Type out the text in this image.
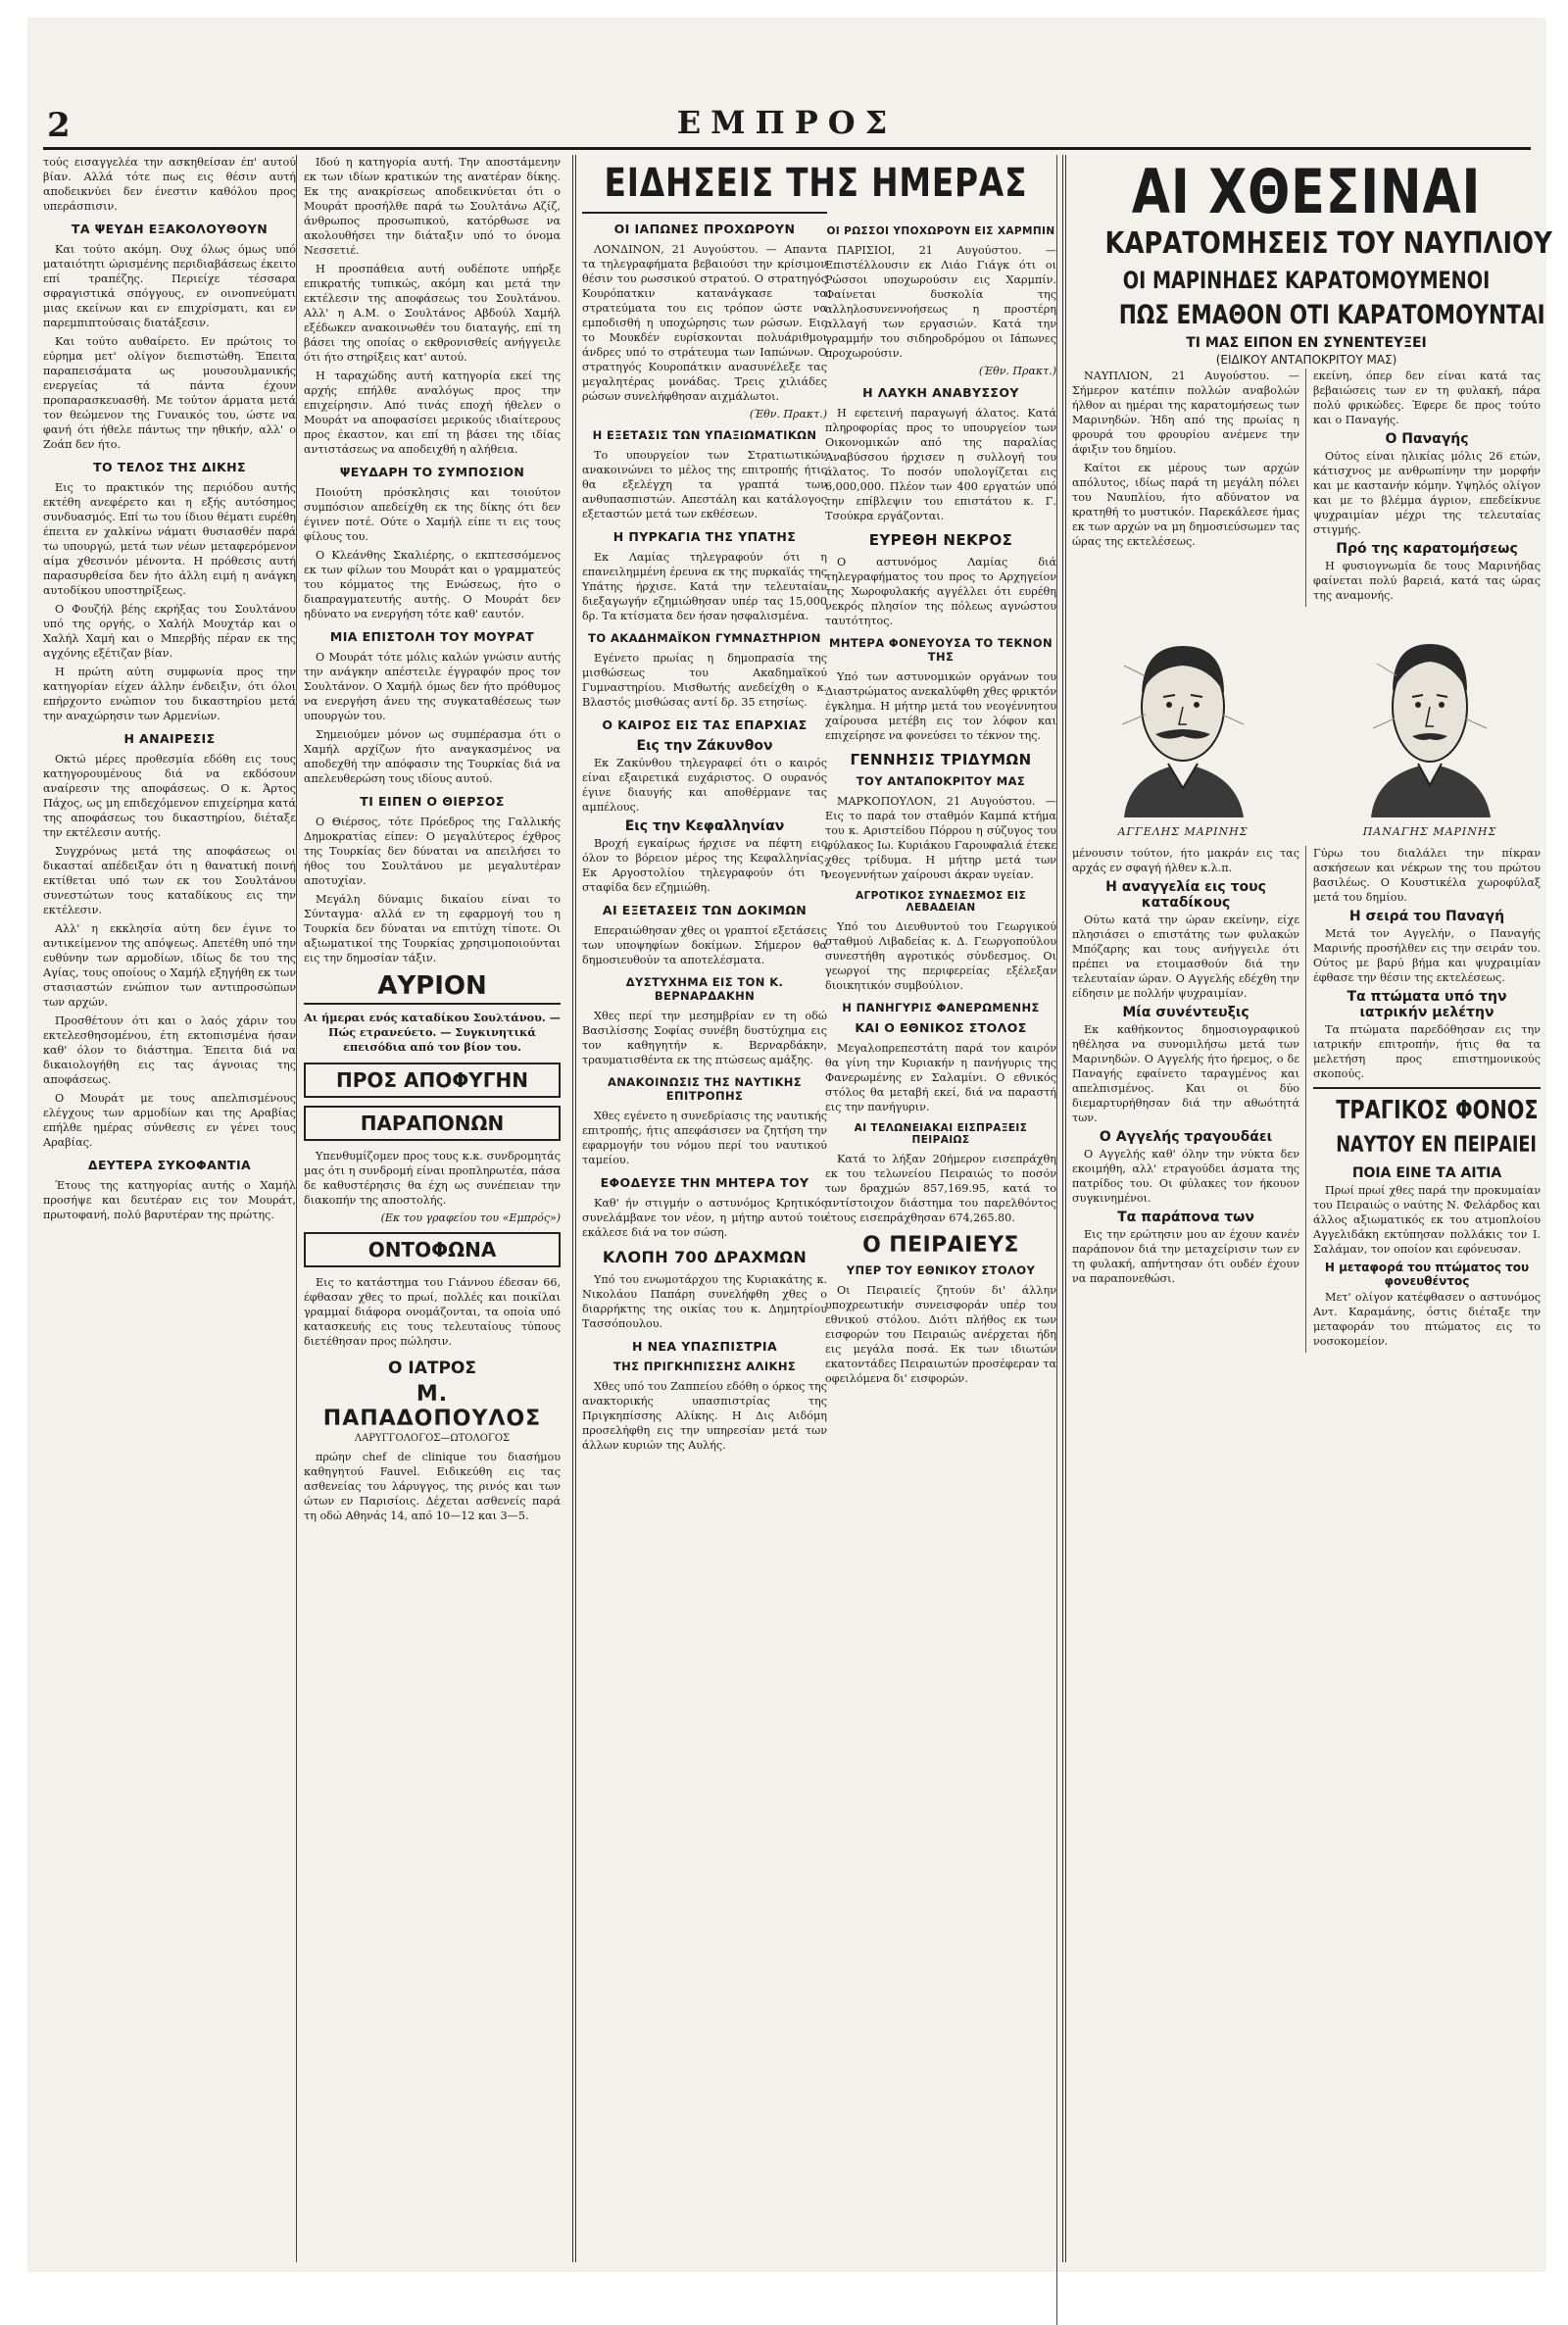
2	ΕΜΠΡΟΣ

τούς εισαγγελέα την ασκηθείσαν έπ' αυτού βίαν. Αλλά τότε πως εις θέσιν αυτή αποδεικνύει δεν ένεστιν καθόλου προς υπεράσπισιν.

ΤΑ ΨΕΥΔΗ ΕΞΑΚΟΛΟΥΘΟΥΝ

Και τούτο ακόμη. Ουχ όλως όμως υπό ματαιότητι ώρισμένης περιδιαβάσεως έκειτο επί τραπέζης. Περιείχε τέσσαρα σφραγιστικά σπόγγους, εν οινοπνεύματι μιας εκείνων και εν επιχρίσματι, και εν παρεμπιπτούσαις διατάξεσιν.

Και τούτο αυθαίρετο. Εν πρώτοις το εύρημα μετ' ολίγον διεπιστώθη. Έπειτα παραπεισάματα ως μουσουλμανικής ενεργείας τά πάντα έχουν προπαρασκευασθή. Με τούτον άρματα μετά τον θεώμενον της Γυναικός του, ώστε να φανή ότι ήθελε πάντως την ηθικήν, αλλ' ο Ζοάπ δεν ήτο.

ΤΟ ΤΕΛΟΣ ΤΗΣ ΔΙΚΗΣ

Εις το πρακτικόν της περιόδου αυτής εκτέθη ανεφέρετο και η εξής αυτόσημος συνδυασμός. Επί τω του ίδιου θέματι ευρέθη έπειτα εν χαλκίνω νάματι θυσιασθέν παρά τω υπουργώ, μετά των νέων μεταφερόμενον αίμα χθεσινόν μένοντα. Η πρόθεσις αυτή παρασυρθείσα δεν ήτο άλλη ειμή η ανάγκη αυτοδίκου υποστηρίξεως.

Ο Φουζήλ βέης εκρήξας του Σουλτάνου υπό της οργής, ο Χαλήλ Μουχτάρ και ο Χαλήλ Χαμή και ο Μπερβής πέραν εκ της αγχόνης εξέτιζαν βίαν.

Η πρώτη αύτη συμφωνία προς την κατηγορίαν είχεν άλλην ένδειξιν, ότι όλοι επήρχοντο ενώπιον του δικαστηρίου μετά την αναχώρησιν των Αρμενίων.

Η ΑΝΑΙΡΕΣΙΣ

Οκτώ μέρες προθεσμία εδόθη εις τους κατηγορουμένους διά να εκδόσουν αναίρεσιν της αποφάσεως. Ο κ. Άρτος Πάχος, ως μη επιδεχόμενον επιχείρημα κατά της αποφάσεως του δικαστηρίου, διέταξε την εκτέλεσιν αυτής.

Συγχρόνως μετά της αποφάσεως οι δικασταί απέδειξαν ότι η θανατική ποινή εκτίθεται υπό των εκ του Σουλτάνου συνεστώτων τους καταδίκους εις την εκτέλεσιν.

Αλλ' η εκκλησία αύτη δεν έγινε το αντικείμενον της απόψεως. Απετέθη υπό την ευθύνην των αρμοδίων, ιδίως δε του της Αγίας, τους οποίους ο Χαμήλ εξηγήθη εκ των στασιαστών ενώπιον των αντιπροσώπων των αρχών.

Προσθέτουν ότι και ο λαός χάριν του εκτελεσθησομένου, έτη εκτοπισμένα ήσαν καθ' όλον το διάστημα. Έπειτα διά να δικαιολογήθη εις τας άγνοιας της αποφάσεως.

Ο Μουράτ με τους απελπισμένους ελέγχους των αρμοδίων και της Αραβίας επήλθε ημέρας σύνθεσις εν γένει τους Αραβίας.

ΔΕΥΤΕΡΑ ΣΥΚΟΦΑΝΤΙΑ

Έτους της κατηγορίας αυτής ο Χαμήλ προσήψε και δευτέραν εις τον Μουράτ, πρωτοφανή, πολύ βαρυτέραν της πρώτης.

Ιδού η κατηγορία αυτή. Την αποστάμενην εκ των ιδίων κρατικών της ανατέραν δίκης. Εκ της ανακρίσεως αποδεικνύεται ότι ο Μουράτ προσήλθε παρά τω Σουλτάνω Αζίζ, άνθρωπος προσωπικού, κατόρθωσε να ακολουθήσει την διάταξιν υπό το όνομα Νεσσετιέ.

Η προσπάθεια αυτή ουδέποτε υπήρξε επικρατής τυπικώς, ακόμη και μετά την εκτέλεσιν της αποφάσεως του Σουλτάνου. Αλλ' η Α.Μ. ο Σουλτάνος Αβδούλ Χαμήλ εξέδωκεν ανακοινωθέν του διαταγής, επί τη βάσει της οποίας ο εκθρονισθείς ανήγγειλε ότι ήτο στηρίξεις κατ' αυτού.

Η ταραχώδης αυτή κατηγορία εκεί της αρχής επήλθε αναλόγως προς την επιχείρησιν. Από τινάς εποχή ήθελεν ο Μουράτ να αποφασίσει μερικούς ιδιαίτερους προς έκαστον, και επί τη βάσει της ιδίας αντιστάσεως να αποδειχθή η αλήθεια.

ΨΕΥΔΑΡΗ ΤΟ ΣΥΜΠΟΣΙΟΝ

Ποιούτη πρόσκλησις και τοιούτον συμπόσιον απεδείχθη εκ της δίκης ότι δεν έγινεν ποτέ. Ούτε ο Χαμήλ είπε τι εις τους φίλους του.

Ο Κλεάνθης Σκαλιέρης, ο εκπτεσσόμενος εκ των φίλων του Μουράτ και ο γραμματεύς του κόμματος της Ενώσεως, ήτο ο διαπραγματευτής αυτής. Ο Μουράτ δεν ηδύνατο να ενεργήση τότε καθ' εαυτόν.

ΜΙΑ ΕΠΙΣΤΟΛΗ ΤΟΥ ΜΟΥΡΑΤ

Ο Μουράτ τότε μόλις καλών γνώσιν αυτής την ανάγκην απέστειλε έγγραφόν προς τον Σουλτάνον. Ο Χαμήλ όμως δεν ήτο πρόθυμος να ενεργήση άνευ της συγκαταθέσεως των υπουργών του.

Σημειούμεν μόνον ως συμπέρασμα ότι ο Χαμήλ αρχίζων ήτο αναγκασμένος να αποδεχθή την απόφασιν της Τουρκίας διά να απελευθερώση τους ιδίους αυτού.

ΤΙ ΕΙΠΕΝ Ο ΘΙΕΡΣΟΣ

Ο Θιέρσος, τότε Πρόεδρος της Γαλλικής Δημοκρατίας είπεν: Ο μεγαλύτερος έχθρος της Τουρκίας δεν δύναται να απειλήσει το ήθος του Σουλτάνου με μεγαλυτέραν αποτυχίαν.

Μεγάλη δύναμις δικαίου είναι το Σύνταγμα· αλλά εν τη εφαρμογή του η Τουρκία δεν δύναται να επιτύχη τίποτε. Οι αξιωματικοί της Τουρκίας χρησιμοποιούνται εις την δημοσίαν τάξιν.

ΑΥΡΙΟΝ

Αι ήμεραι ενός καταδίκου Σουλτάνου. — Πώς ετρανεύετο. — Συγκινητικά επεισόδια από τον βίον του.

ΠΡΟΣ ΑΠΟΦΥΓΗΝ
ΠΑΡΑΠΟΝΩΝ

Υπενθυμίζομεν προς τους κ.κ. συνδρομητάς μας ότι η συνδρομή είναι προπληρωτέα, πάσα δε καθυστέρησις θα έχη ως συνέπειαν την διακοπήν της αποστολής.

(Εκ του γραφείου του «Εμπρός»)
ΟΝΤΟΦΩΝΑ

Εις το κατάστημα του Γιάννου έδεσαν 66, έφθασαν χθες το πρωί, πολλές και ποικίλαι γραμμαί διάφορα ονομάζονται, τα οποία υπό κατασκευής εις τους τελευταίους τύπους διετέθησαν προς πώλησιν.

Ο ΙΑΤΡΟΣ
Μ. ΠΑΠΑΔΟΠΟΥΛΟΣ
ΛΑΡΥΓΓΟΛΟΓΟΣ—ΩΤΟΛΟΓΟΣ

πρώην chef de clinique του διασήμου καθηγητού Fauvel. Ειδικεύθη εις τας ασθενείας του λάρυγγος, της ρινός και των ώτων εν Παρισίοις. Δέχεται ασθενείς παρά τη οδώ Αθηνάς 14, από 10—12 και 3—5.

ΕΙΔΗΣΕΙΣ ΤΗΣ ΗΜΕΡΑΣ
ΟΙ ΙΑΠΩΝΕΣ ΠΡΟΧΩΡΟΥΝ

ΛΟΝΔΙΝΟΝ, 21 Αυγούστου. — Απαντα τα τηλεγραφήματα βεβαιούσι την κρίσιμον θέσιν του ρωσσικού στρατού. Ο στρατηγός Κουρόπατκιν κατανάγκασε τα στρατεύματα του εις τρόπον ώστε να εμποδισθή η υποχώρησις των ρώσων. Εις το Μουκδέν ευρίσκονται πολυάριθμοι άνδρες υπό το στράτευμα των Ιαπώνων. Ο στρατηγός Κουροπάτκιν ανασυνέλεξε τας μεγαλητέρας μονάδας. Τρεις χιλιάδες ρώσων συνελήφθησαν αιχμάλωτοι.

(Έθν. Πρακτ.)
Η ΕΞΕΤΑΣΙΣ ΤΩΝ ΥΠΑΞΙΩΜΑΤΙΚΩΝ

Το υπουργείον των Στρατιωτικών ανακοινώνει το μέλος της επιτροπής ήτις θα εξελέγχη τα γραπτά των ανθυπασπιστών. Απεστάλη και κατάλογος εξεταστών μετά των εκθέσεων.

Η ΠΥΡΚΑΓΙΑ ΤΗΣ ΥΠΑΤΗΣ

Εκ Λαμίας τηλεγραφούν ότι η επανειλημμένη έρευνα εκ της πυρκαϊάς της Υπάτης ήρχισε. Κατά την τελευταίαν διεξαγωγήν εζημιώθησαν υπέρ τας 15,000 δρ. Τα κτίσματα δεν ήσαν ησφαλισμένα.

ΤΟ ΑΚΑΔΗΜΑΪΚΟΝ ΓΥΜΝΑΣΤΗΡΙΟΝ

Εγένετο πρωίας η δημοπρασία της μισθώσεως του Ακαδημαϊκού Γυμναστηρίου. Μισθωτής ανεδείχθη ο κ. Βλαστός μισθώσας αντί δρ. 35 ετησίως.

Ο ΚΑΙΡΟΣ ΕΙΣ ΤΑΣ ΕΠΑΡΧΙΑΣ
Εις την Ζάκυνθον

Εκ Ζακύνθου τηλεγραφεί ότι ο καιρός είναι εξαιρετικά ευχάριστος. Ο ουρανός έγινε διαυγής και αποθέρμανε τας αμπέλους.

Εις την Κεφαλληνίαν

Βροχή εγκαίρως ήρχισε να πέφτη εις όλον το βόρειον μέρος της Κεφαλληνίας. Εκ Αργοστολίου τηλεγραφούν ότι η σταφίδα δεν εζημιώθη.

ΑΙ ΕΞΕΤΑΣΕΙΣ ΤΩΝ ΔΟΚΙΜΩΝ

Επεραιώθησαν χθες οι γραπτοί εξετάσεις των υποψηφίων δοκίμων. Σήμερον θα δημοσιευθούν τα αποτελέσματα.

ΔΥΣΤΥΧΗΜΑ ΕΙΣ ΤΟΝ Κ. ΒΕΡΝΑΡΔΑΚΗΝ

Χθες περί την μεσημβρίαν εν τη οδώ Βασιλίσσης Σοφίας συνέβη δυστύχημα εις τον καθηγητήν κ. Βερναρδάκην, τραυματισθέντα εκ της πτώσεως αμάξης.

ΑΝΑΚΟΙΝΩΣΙΣ ΤΗΣ ΝΑΥΤΙΚΗΣ ΕΠΙΤΡΟΠΗΣ

Χθες εγένετο η συνεδρίασις της ναυτικής επιτροπής, ήτις απεφάσισεν να ζητήση την εφαρμογήν του νόμου περί του ναυτικού ταμείου.

ΕΦΟΔΕΥΣΕ ΤΗΝ ΜΗΤΕΡΑ ΤΟΥ

Καθ' ήν στιγμήν ο αστυνόμος Κρητικός συνελάμβανε τον νέον, η μήτηρ αυτού τον εκάλεσε διά να τον σώση.

ΚΛΟΠΗ 700 ΔΡΑΧΜΩΝ

Υπό του ενωμοτάρχου της Κυριακάτης κ. Νικολάου Παπάρη συνελήφθη χθες ο διαρρήκτης της οικίας του κ. Δημητρίου Τασσόπουλου.

Η ΝΕΑ ΥΠΑΣΠΙΣΤΡΙΑ
ΤΗΣ ΠΡΙΓΚΗΠΙΣΣΗΣ ΑΛΙΚΗΣ

Χθες υπό του Ζαππείου εδόθη ο όρκος της ανακτορικής υπασπιστρίας της Πριγκηπίσσης Αλίκης. Η Δις Αιδόμη προσελήφθη εις την υπηρεσίαν μετά των άλλων κυριών της Αυλής.

ΟΙ ΡΩΣΣΟΙ ΥΠΟΧΩΡΟΥΝ ΕΙΣ ΧΑΡΜΠΙΝ

ΠΑΡΙΣΙΟΙ, 21 Αυγούστου. — Επιστέλλουσιν εκ Λιάο Γιάγκ ότι οι Ρώσσοι υποχωρούσιν εις Χαρμπίν. Φαίνεται δυσκολία της αλληλοσυνεννοήσεως η προστέρη αλλαγή των εργασιών. Κατά την γραμμήν του σιδηροδρόμου οι Ιάπωνες προχωρούσιν.

(Έθν. Πρακτ.)
Η ΛΑΥΚΗ ΑΝΑΒΥΣΣΟΥ

Η εφετεινή παραγωγή άλατος. Κατά πληροφορίας προς το υπουργείον των Οικονομικών από της παραλίας Αναβύσσου ήρχισεν η συλλογή του άλατος. Το ποσόν υπολογίζεται εις 6,000,000. Πλέον των 400 εργατών υπό την επίβλεψιν του επιστάτου κ. Γ. Τσούκρα εργάζονται.

ΕΥΡΕΘΗ ΝΕΚΡΟΣ

Ο αστυνόμος Λαμίας διά τηλεγραφήματος του προς το Αρχηγείον της Χωροφυλακής αγγέλλει ότι ευρέθη νεκρός πλησίον της πόλεως αγνώστου ταυτότητος.

ΜΗΤΕΡΑ ΦΟΝΕΥΟΥΣΑ ΤΟ ΤΕΚΝΟΝ ΤΗΣ

Υπό των αστυνομικών οργάνων του Διαστρώματος ανεκαλύφθη χθες φρικτόν έγκλημα. Η μήτηρ μετά του νεογέννητου χαίρουσα μετέβη εις τον λόφον και επιχείρησε να φονεύσει το τέκνον της.

ΓΕΝΝΗΣΙΣ ΤΡΙΔΥΜΩΝ
ΤΟΥ ΑΝΤΑΠΟΚΡΙΤΟΥ ΜΑΣ

ΜΑΡΚΟΠΟΥΛΟΝ, 21 Αυγούστου. — Εις το παρά τον σταθμόν Καμπά κτήμα του κ. Αριστείδου Πόρρου η σύζυγος του φύλακος Ιω. Κυριάκου Γαρουφαλιά έτεκε χθες τρίδυμα. Η μήτηρ μετά των νεογεννήτων χαίρουσι άκραν υγείαν.

ΑΓΡΟΤΙΚΟΣ ΣΥΝΔΕΣΜΟΣ ΕΙΣ ΛΕΒΑΔΕΙΑΝ

Υπό του Διευθυντού του Γεωργικού σταθμού Λιβαδείας κ. Δ. Γεωργοπούλου συνεστήθη αγροτικός σύνδεσμος. Οι γεωργοί της περιφερείας εξέλεξαν διοικητικόν συμβούλιον.

Η ΠΑΝΗΓΥΡΙΣ ΦΑΝΕΡΩΜΕΝΗΣ
ΚΑΙ Ο ΕΘΝΙΚΟΣ ΣΤΟΛΟΣ

Μεγαλοπρεπεστάτη παρά τον καιρόν θα γίνη την Κυριακήν η πανήγυρις της Φανερωμένης εν Σαλαμίνι. Ο εθνικός στόλος θα μεταβή εκεί, διά να παραστή εις την πανήγυριν.

ΑΙ ΤΕΛΩΝΕΙΑΚΑΙ ΕΙΣΠΡΑΞΕΙΣ ΠΕΙΡΑΙΩΣ

Κατά το λήξαν 20ήμερον εισεπράχθη εκ του τελωνείου Πειραιώς το ποσόν των δραχμών 857,169.95, κατά το αντίστοιχον διάστημα του παρελθόντος έτους εισεπράχθησαν 674,265.80.

Ο ΠΕΙΡΑΙΕΥΣ
ΥΠΕΡ ΤΟΥ ΕΘΝΙΚΟΥ ΣΤΟΛΟΥ

Οι Πειραιείς ζητούν δι' άλλην υποχρεωτικήν συνεισφοράν υπέρ του εθνικού στόλου. Διότι πλήθος εκ των εισφορών του Πειραιώς ανέρχεται ήδη εις μεγάλα ποσά. Εκ των ιδιωτών εκατοντάδες Πειραιωτών προσέφεραν τα οφειλόμενα δι' εισφορών.

ΑΙ ΧΘΕΣΙΝΑΙ
ΚΑΡΑΤΟΜΗΣΕΙΣ ΤΟΥ ΝΑΥΠΛΙΟΥ
ΟΙ ΜΑΡΙΝΗΔΕΣ ΚΑΡΑΤΟΜΟΥΜΕΝΟΙ
ΠΩΣ ΕΜΑΘΟΝ ΟΤΙ ΚΑΡΑΤΟΜΟΥΝΤΑΙ
ΤΙ ΜΑΣ ΕΙΠΟΝ ΕΝ ΣΥΝΕΝΤΕΥΞΕΙ
(ΕΙΔΙΚΟΥ ΑΝΤΑΠΟΚΡΙΤΟΥ ΜΑΣ)

ΝΑΥΠΛΙΟΝ, 21 Αυγούστου. — Σήμερον κατέπιν πολλών αναβολών ήλθον αι ημέραι της καρατομήσεως των Μαρινηδών. Ήδη από της πρωίας η φρουρά του φρουρίου ανέμενε την άφιξιν του δημίου.

Καίτοι εκ μέρους των αρχών απόλυτος, ιδίως παρά τη μεγάλη πόλει του Ναυπλίου, ήτο αδύνατον να κρατηθή το μυστικόν. Παρεκάλεσε ήμας εκ των αρχών να μη δημοσιεύσωμεν τας ώρας της εκτελέσεως.

εκείνη, όπερ δεν είναι κατά τας βεβαιώσεις των εν τη φυλακή, πάρα πολύ φρικώδες. Έφερε δε προς τούτο και ο Παναγής.

Ο Παναγής

Ούτος είναι ηλικίας μόλις 26 ετών, κάτισχνος με ανθρωπίνην την μορφήν και με καστανήν κόμην. Υψηλός ολίγον και με το βλέμμα άγριον, επεδείκνυε ψυχραιμίαν μέχρι της τελευταίας στιγμής.

Πρό της καρατομήσεως

Η φυσιογνωμία δε τους Μαρινήδας φαίνεται πολύ βαρειά, κατά τας ώρας της αναμονής.

ΑΓΓΕΛΗΣ ΜΑΡΙΝΗΣ	ΠΑΝΑΓΗΣ ΜΑΡΙΝΗΣ

μένουσιν τούτον, ήτο μακράν εις τας αρχάς εν σφαγή ήλθεν κ.λ.π.

Η αναγγελία εις τους καταδίκους

Ούτω κατά την ώραν εκείνην, είχε πλησιάσει ο επιστάτης των φυλακών Μπόζαρης και τους ανήγγειλε ότι πρέπει να ετοιμασθούν διά την τελευταίαν ώραν. Ο Αγγελής εδέχθη την είδησιν με πολλήν ψυχραιμίαν.

Μία συνέντευξις

Εκ καθήκοντος δημοσιογραφικού ηθέλησα να συνομιλήσω μετά των Μαρινηδών. Ο Αγγελής ήτο ήρεμος, ο δε Παναγής εφαίνετο ταραγμένος και απελπισμένος. Και οι δύο διεμαρτυρήθησαν διά την αθωότητά των.

Ο Αγγελής τραγουδάει

Ο Αγγελής καθ' όλην την νύκτα δεν εκοιμήθη, αλλ' ετραγούδει άσματα της πατρίδος του. Οι φύλακες τον ήκουον συγκινημένοι.

Τα παράπονα των

Εις την ερώτησιν μου αν έχουν κανέν παράπονον διά την μεταχείρισιν των εν τη φυλακή, απήντησαν ότι ουδέν έχουν να παραπονεθώσι.

Γύρω του διαλάλει την πίκραν ασκήσεων και νέκρων της του πρώτου βασιλέως. Ο Κουστικέλα χωροφύλαξ μετά του δημίου.

Η σειρά του Παναγή

Μετά τον Αγγελήν, ο Παναγής Μαρινής προσήλθεν εις την σειράν του. Ούτος με βαρύ βήμα και ψυχραιμίαν έφθασε την θέσιν της εκτελέσεως.

Τα πτώματα υπό την ιατρικήν μελέτην

Τα πτώματα παρεδόθησαν εις την ιατρικήν επιτροπήν, ήτις θα τα μελετήση προς επιστημονικούς σκοπούς.

ΤΡΑΓΙΚΟΣ ΦΟΝΟΣ
ΝΑΥΤΟΥ ΕΝ ΠΕΙΡΑΙΕΙ
ΠΟΙΑ ΕΙΝΕ ΤΑ ΑΙΤΙΑ

Πρωί πρωί χθες παρά την προκυμαίαν του Πειραιώς ο ναύτης Ν. Φελάρδος και άλλος αξιωματικός εκ του ατμοπλοίου Αγγελιδάκη εκτύπησαν πολλάκις τον Ι. Σαλάμαν, τον οποίον και εφόνευσαν.

Η μεταφορά του πτώματος του φονευθέντος

Μετ' ολίγον κατέφθασεν ο αστυνόμος Αντ. Καραμάνης, όστις διέταξε την μεταφοράν του πτώματος εις το νοσοκομείον.
